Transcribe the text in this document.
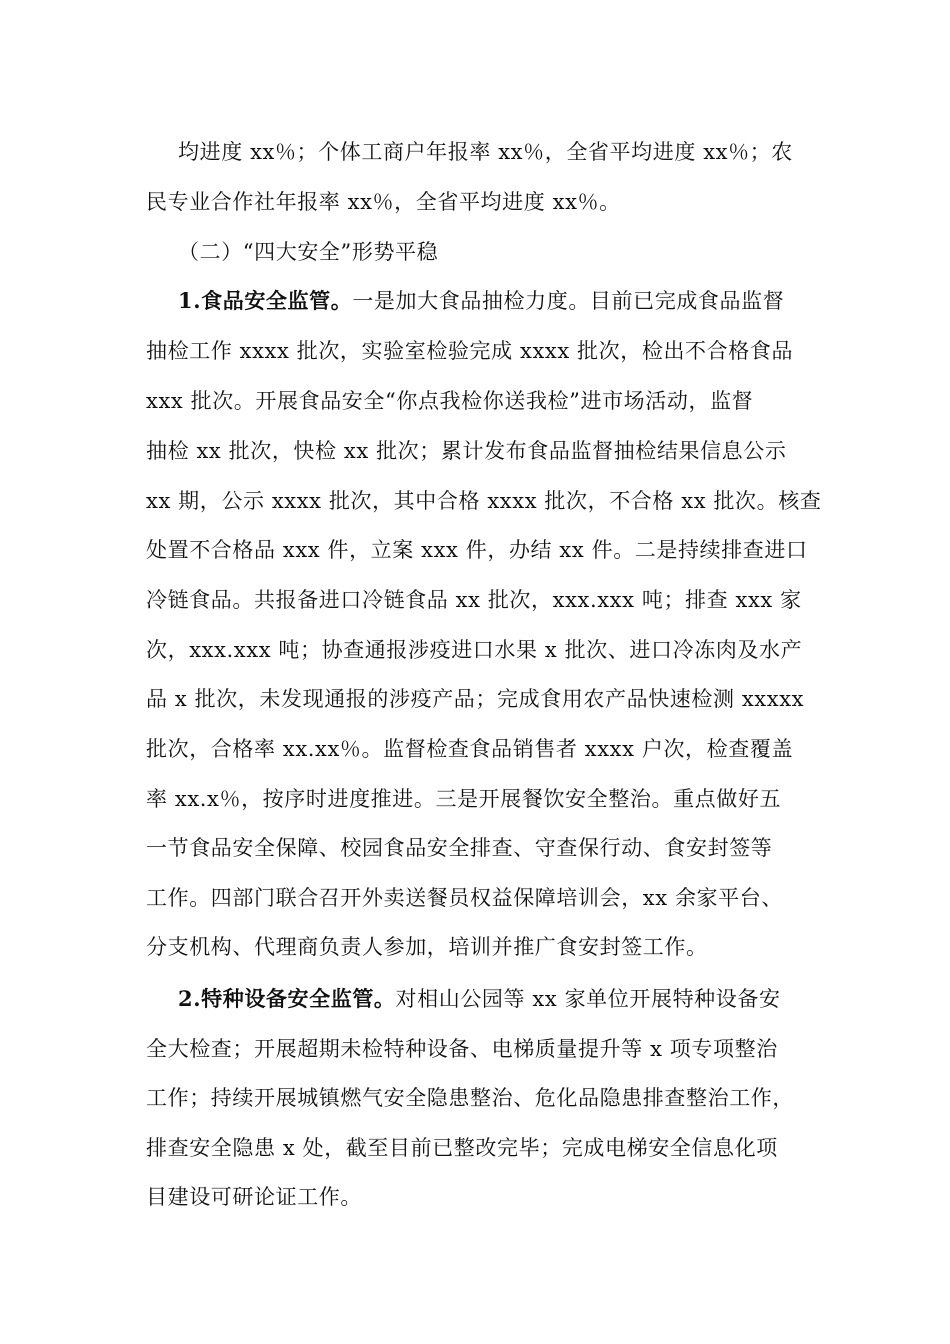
均进度 xx％；个体工商户年报率 xx％，全省平均进度 xx％；农
民专业合作社年报率 xx％，全省平均进度 xx％。
（二）“四大安全”形势平稳
1.食品安全监管。一是加大食品抽检力度。目前已完成食品监督
抽检工作 xxxx 批次，实验室检验完成 xxxx 批次，检出不合格食品
xxx 批次。开展食品安全“你点我检你送我检”进市场活动，监督
抽检 xx 批次，快检 xx 批次；累计发布食品监督抽检结果信息公示
xx 期，公示 xxxx 批次，其中合格 xxxx 批次，不合格 xx 批次。核查
处置不合格品 xxx 件，立案 xxx 件，办结 xx 件。二是持续排查进口
冷链食品。共报备进口冷链食品 xx 批次，xxx.xxx 吨；排查 xxx 家
次，xxx.xxx 吨；协查通报涉疫进口水果 x 批次、进口冷冻肉及水产
品 x 批次，未发现通报的涉疫产品；完成食用农产品快速检测 xxxxx
批次，合格率 xx.xx％。监督检查食品销售者 xxxx 户次，检查覆盖
率 xx.x％，按序时进度推进。三是开展餐饮安全整治。重点做好五
一节食品安全保障、校园食品安全排查、守查保行动、食安封签等
工作。四部门联合召开外卖送餐员权益保障培训会，xx 余家平台、
分支机构、代理商负责人参加，培训并推广食安封签工作。
2.特种设备安全监管。对相山公园等 xx 家单位开展特种设备安
全大检查；开展超期未检特种设备、电梯质量提升等 x 项专项整治
工作；持续开展城镇燃气安全隐患整治、危化品隐患排查整治工作，
排查安全隐患 x 处，截至目前已整改完毕；完成电梯安全信息化项
目建设可研论证工作。
